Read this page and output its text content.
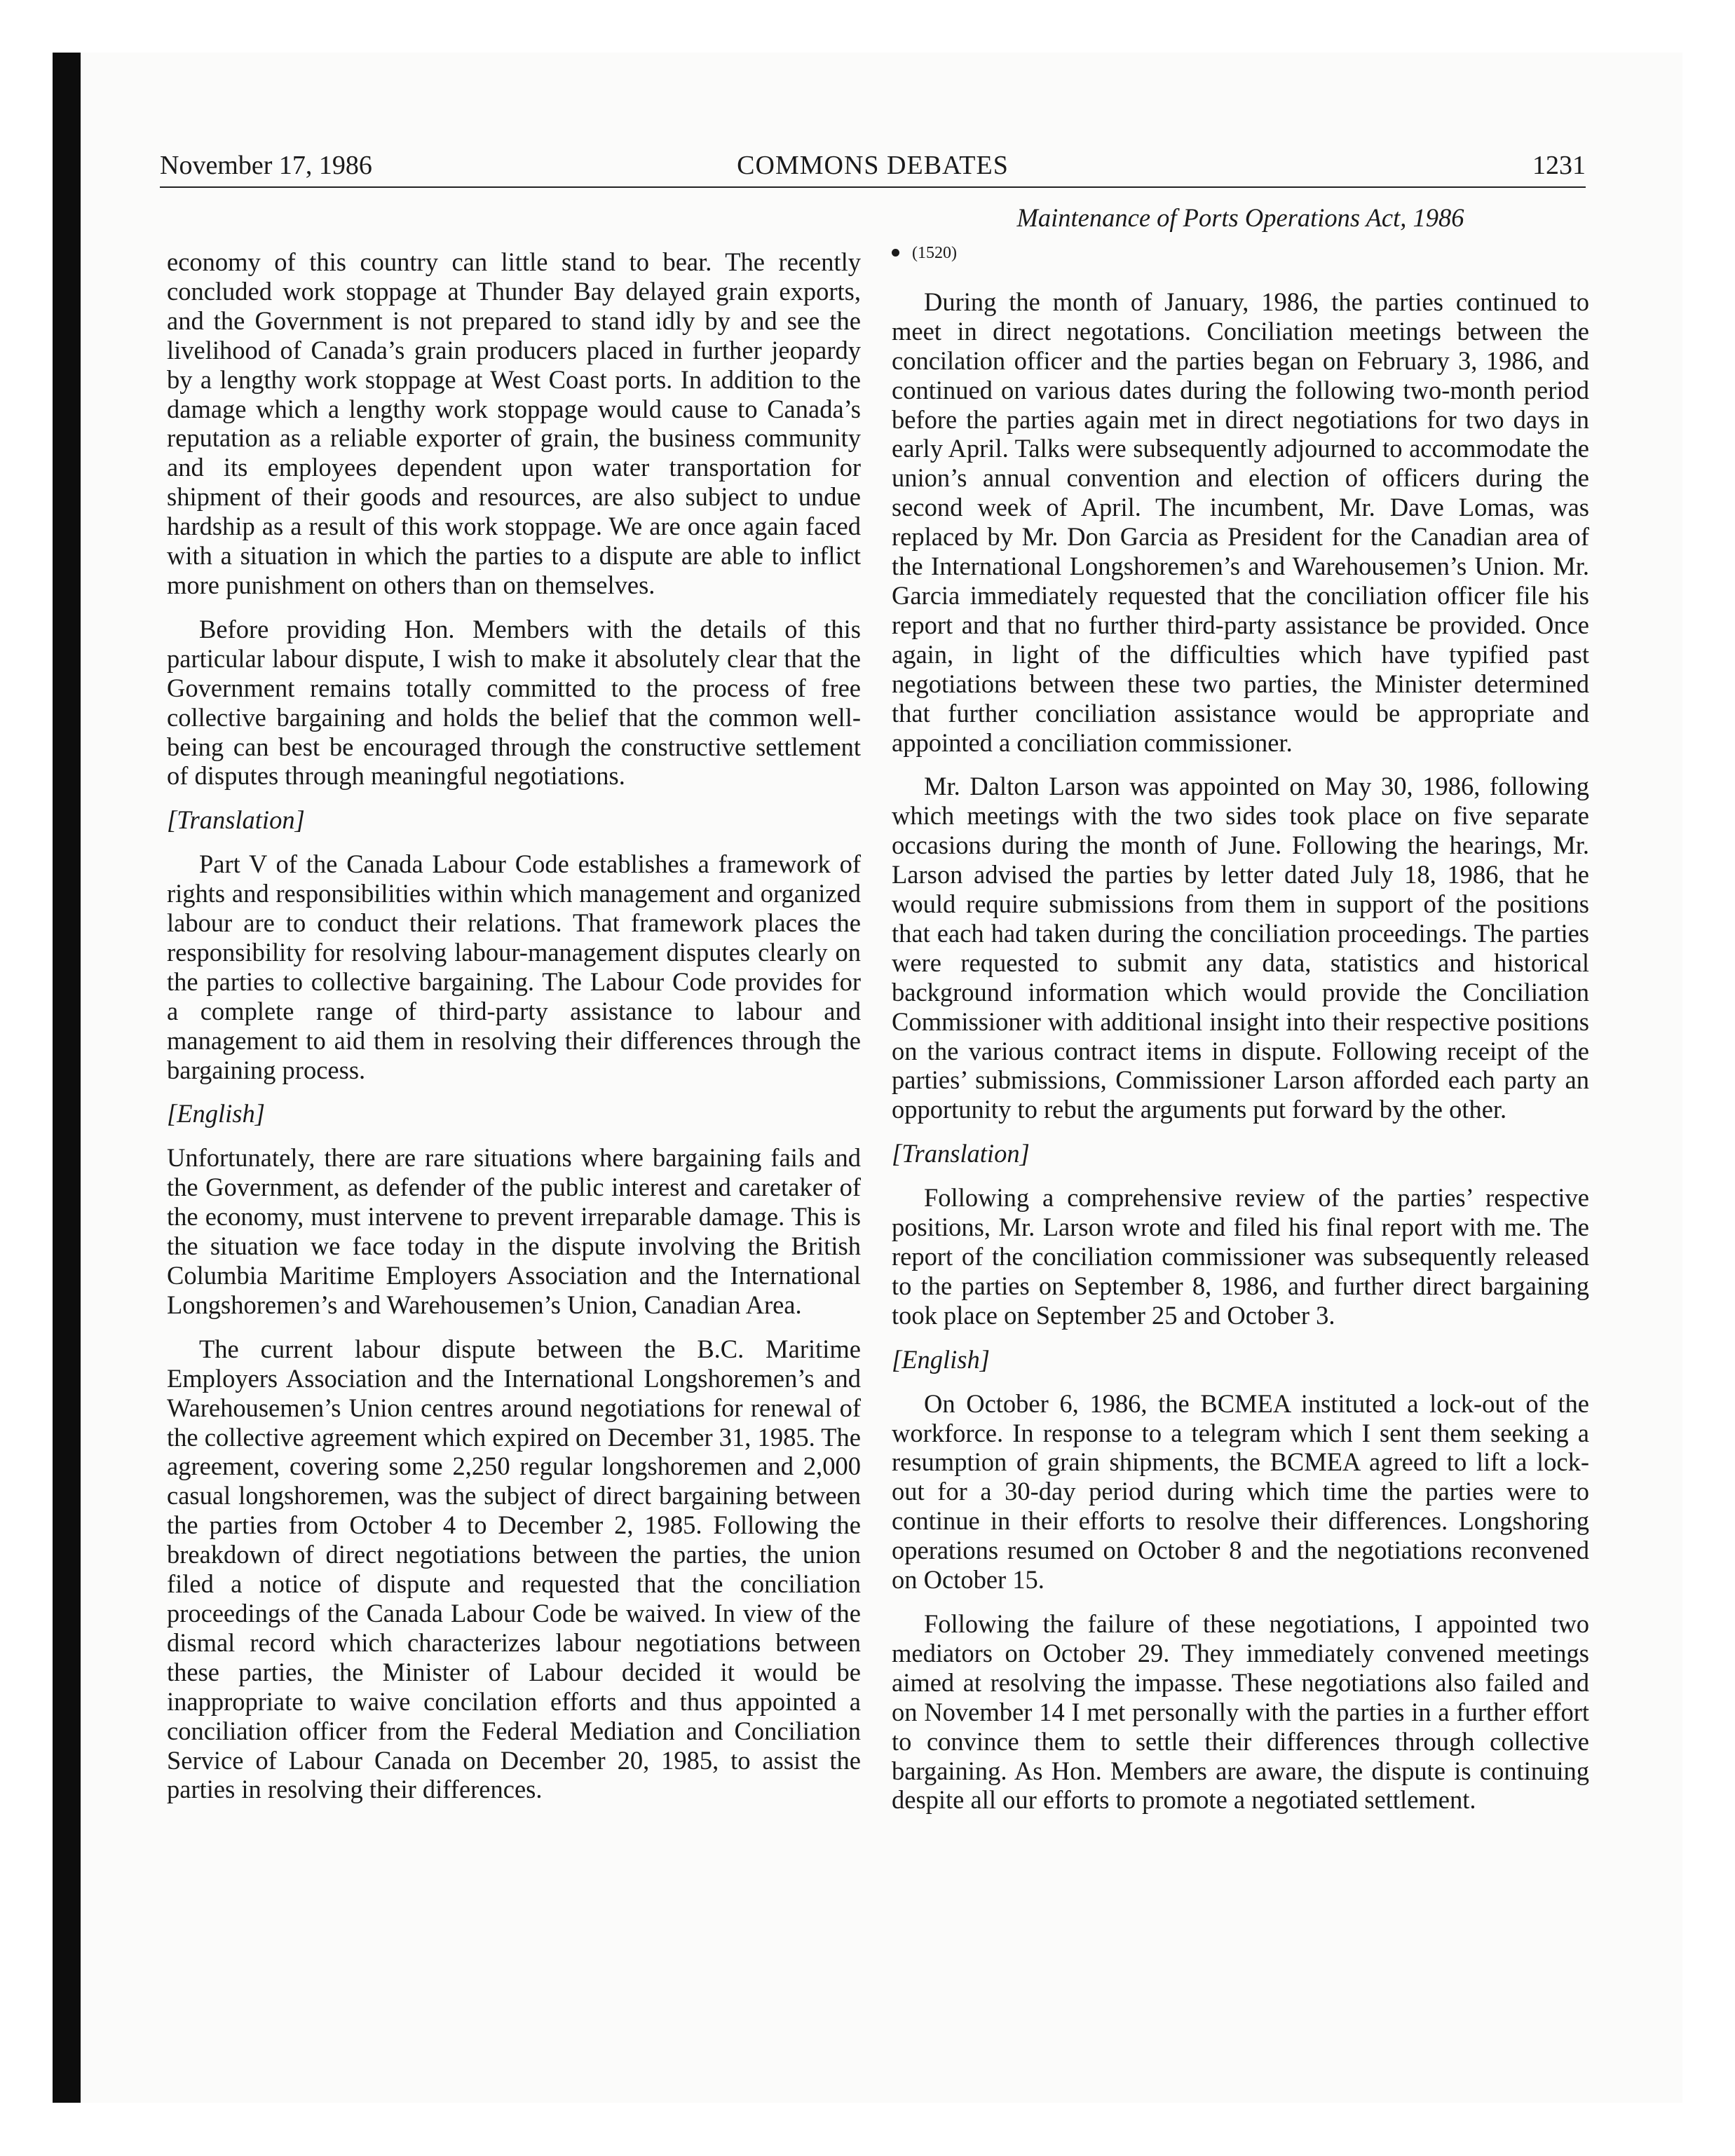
COMMONS DEBATES
November 17, 1986	1231

economy of this country can little stand to bear. The recently concluded work stoppage at Thunder Bay delayed grain exports, and the Government is not prepared to stand idly by and see the livelihood of Canada’s grain producers placed in further jeopardy by a lengthy work stoppage at West Coast ports. In addition to the damage which a lengthy work stoppage would cause to Canada’s reputation as a reliable exporter of grain, the business community and its employees dependent upon water transportation for shipment of their goods and resources, are also subject to undue hardship as a result of this work stoppage. We are once again faced with a situation in which the parties to a dispute are able to inflict more punishment on others than on themselves.

Before providing Hon. Members with the details of this particular labour dispute, I wish to make it absolutely clear that the Government remains totally committed to the process of free collective bargaining and holds the belief that the common well-being can best be encouraged through the constructive settlement of disputes through meaningful negotiations.

[Translation]

Part V of the Canada Labour Code establishes a framework of rights and responsibilities within which management and organized labour are to conduct their relations. That framework places the responsibility for resolving labour-management disputes clearly on the parties to collective bargaining. The Labour Code provides for a complete range of third-party assistance to labour and management to aid them in resolving their differences through the bargaining process.

[English]

Unfortunately, there are rare situations where bargaining fails and the Government, as defender of the public interest and caretaker of the economy, must intervene to prevent irreparable damage. This is the situation we face today in the dispute involving the British Columbia Maritime Employers Association and the International Longshoremen’s and Warehousemen’s Union, Canadian Area.

The current labour dispute between the B.C. Maritime Employers Association and the International Longshoremen’s and Warehousemen’s Union centres around negotiations for renewal of the collective agreement which expired on December 31, 1985. The agreement, covering some 2,250 regular longshoremen and 2,000 casual longshoremen, was the subject of direct bargaining between the parties from October 4 to December 2, 1985. Following the breakdown of direct negotiations between the parties, the union filed a notice of dispute and requested that the conciliation proceedings of the Canada Labour Code be waived. In view of the dismal record which characterizes labour negotiations between these parties, the Minister of Labour decided it would be inappropriate to waive concilation efforts and thus appointed a conciliation officer from the Federal Mediation and Conciliation Service of Labour Canada on December 20, 1985, to assist the parties in resolving their differences.

Maintenance of Ports Operations Act, 1986
(1520)

During the month of January, 1986, the parties continued to meet in direct negotations. Conciliation meetings between the concilation officer and the parties began on February 3, 1986, and continued on various dates during the following two-month period before the parties again met in direct negotiations for two days in early April. Talks were subsequently adjourned to accommodate the union’s annual convention and election of officers during the second week of April. The incumbent, Mr. Dave Lomas, was replaced by Mr. Don Garcia as President for the Canadian area of the International Longshoremen’s and Warehousemen’s Union. Mr. Garcia immediately requested that the conciliation officer file his report and that no further third-party assistance be provided. Once again, in light of the difficulties which have typified past negotiations between these two parties, the Minister determined that further conciliation assistance would be appropriate and appointed a conciliation commissioner.

Mr. Dalton Larson was appointed on May 30, 1986, following which meetings with the two sides took place on five separate occasions during the month of June. Following the hearings, Mr. Larson advised the parties by letter dated July 18, 1986, that he would require submissions from them in support of the positions that each had taken during the conciliation proceedings. The parties were requested to submit any data, statistics and historical background information which would provide the Conciliation Commissioner with additional insight into their respective positions on the various contract items in dispute. Following receipt of the parties’ submissions, Commissioner Larson afforded each party an opportunity to rebut the arguments put forward by the other.

[Translation]

Following a comprehensive review of the parties’ respective positions, Mr. Larson wrote and filed his final report with me. The report of the conciliation commissioner was subsequently released to the parties on September 8, 1986, and further direct bargaining took place on September 25 and October 3.

[English]

On October 6, 1986, the BCMEA instituted a lock-out of the workforce. In response to a telegram which I sent them seeking a resumption of grain shipments, the BCMEA agreed to lift a lock-out for a 30-day period during which time the parties were to continue in their efforts to resolve their differences. Longshoring operations resumed on October 8 and the negotiations reconvened on October 15.

Following the failure of these negotiations, I appointed two mediators on October 29. They immediately convened meetings aimed at resolving the impasse. These negotiations also failed and on November 14 I met personally with the parties in a further effort to convince them to settle their differences through collective bargaining. As Hon. Members are aware, the dispute is continuing despite all our efforts to promote a negotiated settlement.
